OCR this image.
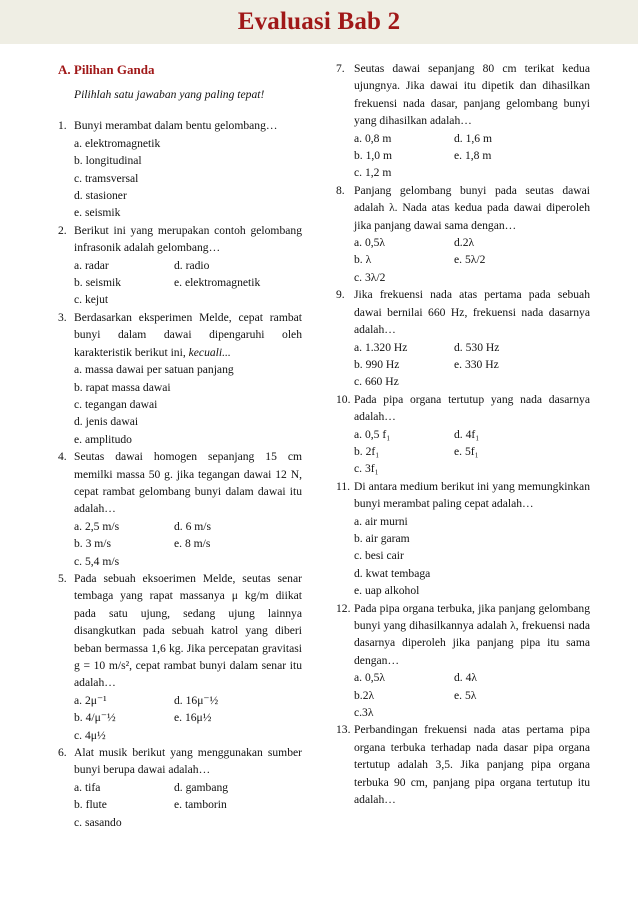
Evaluasi Bab 2
A. Pilihan Ganda
Pilihlah satu jawaban yang paling tepat!
1. Bunyi merambat dalam bentu gelombang…
a. elektromagnetik
b. longitudinal
c. tramsversal
d. stasioner
e. seismik
2. Berikut ini yang merupakan contoh gelombang infrasonik adalah gelombang…
a. radar	d. radio
b. seismik	e. elektromagnetik
c. kejut
3. Berdasarkan eksperimen Melde, cepat rambat bunyi dalam dawai dipengaruhi oleh karakteristik berikut ini, kecuali...
a. massa dawai per satuan panjang
b. rapat massa dawai
c. tegangan dawai
d. jenis dawai
e. amplitudo
4. Seutas dawai homogen sepanjang 15 cm memilki massa 50 g. jika tegangan dawai 12 N, cepat rambat gelombang bunyi dalam dawai itu adalah…
a. 2,5 m/s	d. 6 m/s
b. 3 m/s	e. 8 m/s
c. 5,4 m/s
5. Pada sebuah eksoerimen Melde, seutas senar tembaga yang rapat massanya μ kg/m diikat pada satu ujung, sedang ujung lainnya disangkutkan pada sebuah katrol yang diberi beban bermassa 1,6 kg. Jika percepatan gravitasi g = 10 m/s², cepat rambat bunyi dalam senar itu adalah…
a. 2μ⁻¹	d. 16μ⁻½
b. 4/μ⁻½	e. 16μ½
c. 4μ½
6. Alat musik berikut yang menggunakan sumber bunyi berupa dawai adalah…
a. tifa	d. gambang
b. flute	e. tamborin
c. sasando
7. Seutas dawai sepanjang 80 cm terikat kedua ujungnya. Jika dawai itu dipetik dan dihasilkan frekuensi nada dasar, panjang gelombang bunyi yang dihasilkan adalah…
a. 0,8 m	d. 1,6 m
b. 1,0 m	e. 1,8 m
c. 1,2 m
8. Panjang gelombang bunyi pada seutas dawai adalah λ. Nada atas kedua pada dawai diperoleh jika panjang dawai sama dengan…
a. 0,5λ	d.2λ
b. λ	e. 5λ/2
c. 3λ/2
9. Jika frekuensi nada atas pertama pada sebuah dawai bernilai 660 Hz, frekuensi nada dasarnya adalah…
a. 1.320 Hz	d. 530 Hz
b. 990 Hz	e. 330 Hz
c. 660 Hz
10. Pada pipa organa tertutup yang nada dasarnya adalah…
a. 0,5 f₁	d. 4f₁
b. 2f₁	e. 5f₁
c. 3f₁
11. Di antara medium berikut ini yang memungkinkan bunyi merambat paling cepat adalah…
a. air murni
b. air garam
c. besi cair
d. kwat tembaga
e. uap alkohol
12. Pada pipa organa terbuka, jika panjang gelombang bunyi yang dihasilkannya adalah λ, frekuensi nada dasarnya diperoleh jika panjang pipa itu sama dengan…
a. 0,5λ	d. 4λ
b.2λ	e. 5λ
c.3λ
13. Perbandingan frekuensi nada atas pertama pipa organa terbuka terhadap nada dasar pipa organa tertutup adalah 3,5. Jika panjang pipa organa terbuka 90 cm, panjang pipa organa tertutup itu adalah…
